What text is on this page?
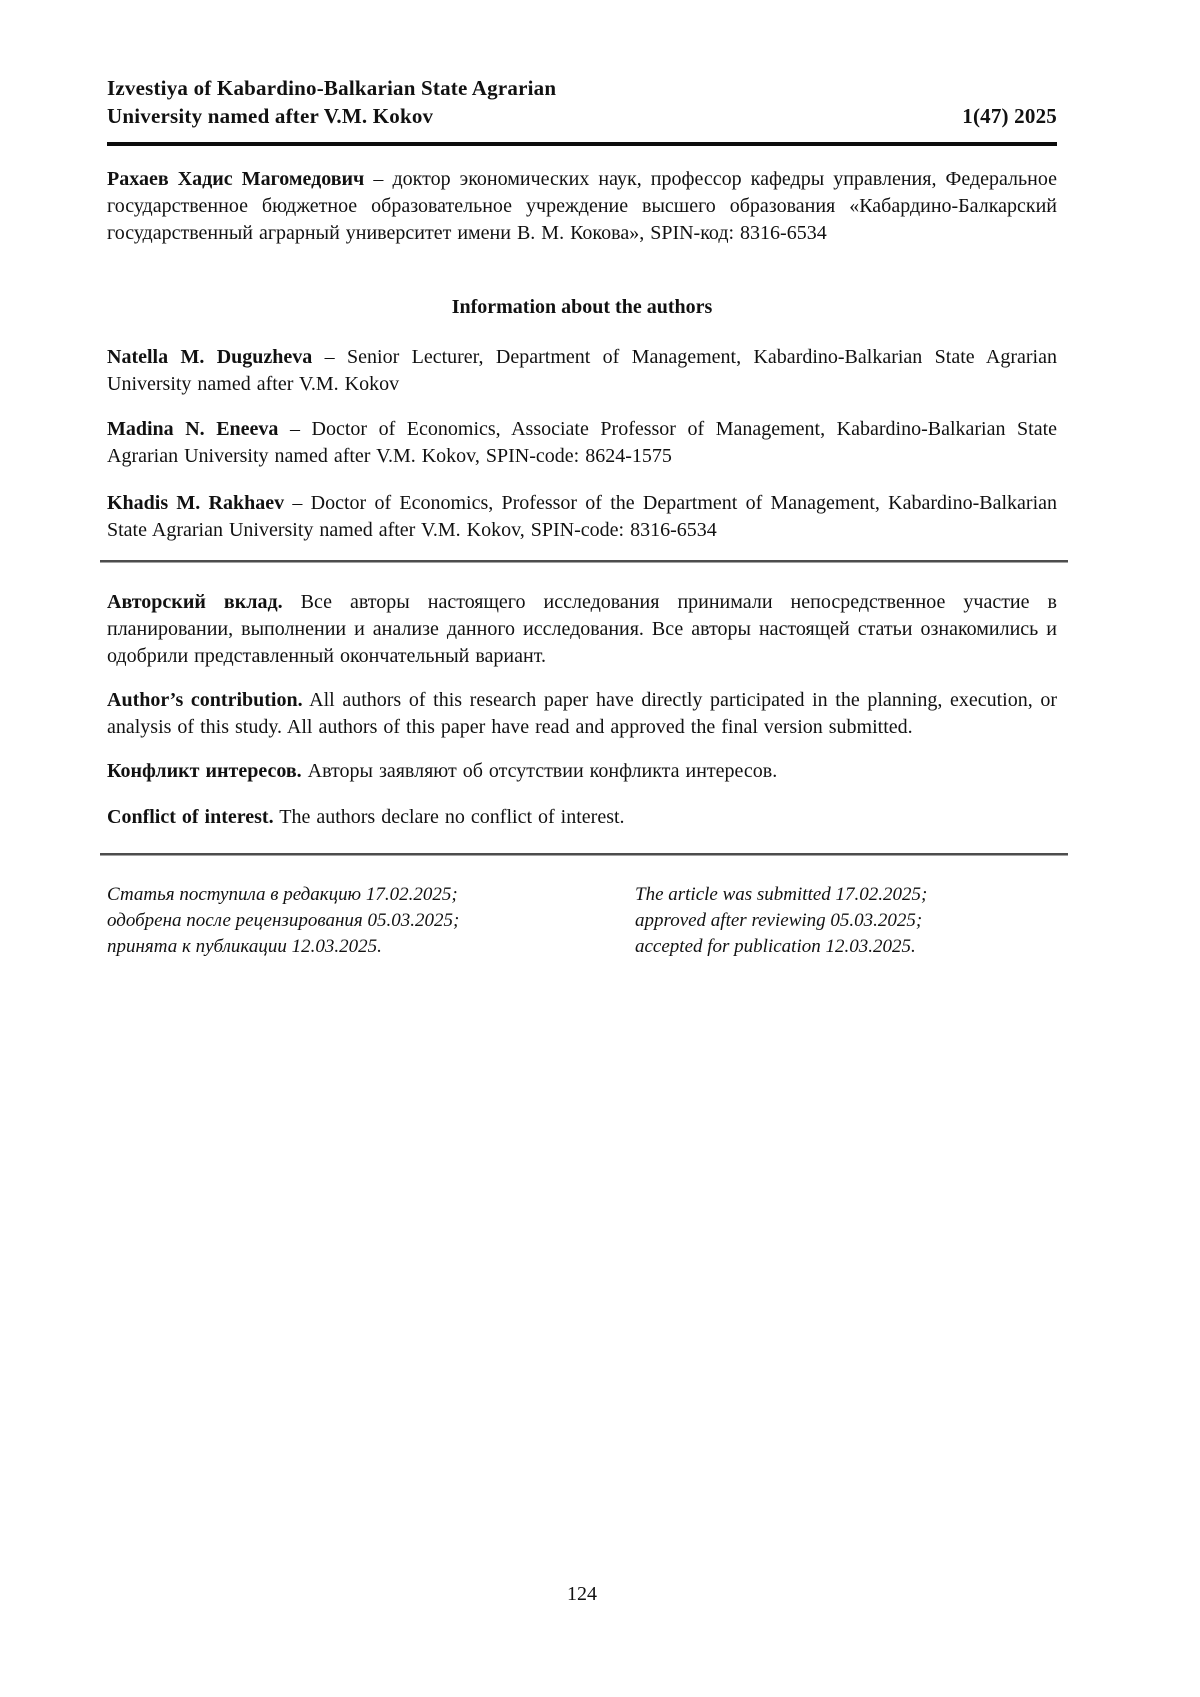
Izvestiya of Kabardino-Balkarian State Agrarian
University named after V.M. Kokov	1(47) 2025

Рахаев Хадис Магомедович – доктор экономических наук, профессор кафедры управления, Федеральное государственное бюджетное образовательное учреждение высшего образования «Кабардино-Балкарский государственный аграрный университет имени В. М. Кокова», SPIN-код: 8316-6534

Information about the authors

Natella M. Duguzheva – Senior Lecturer, Department of Management, Kabardino-Balkarian State Agrarian University named after V.M. Kokov

Madina N. Eneeva – Doctor of Economics, Associate Professor of Management, Kabardino-Balkarian State Agrarian University named after V.M. Kokov, SPIN-code: 8624-1575

Khadis M. Rakhaev – Doctor of Economics, Professor of the Department of Management, Kabardino-Balkarian State Agrarian University named after V.M. Kokov, SPIN-code: 8316-6534

Авторский вклад. Все авторы настоящего исследования принимали непосредственное участие в планировании, выполнении и анализе данного исследования. Все авторы настоящей статьи ознакомились и одобрили представленный окончательный вариант.

Author’s contribution. All authors of this research paper have directly participated in the planning, execution, or analysis of this study. All authors of this paper have read and approved the final version submitted.

Конфликт интересов. Авторы заявляют об отсутствии конфликта интересов.

Conflict of interest. The authors declare no conflict of interest.

Статья поступила в редакцию 17.02.2025;
одобрена после рецензирования 05.03.2025;
принята к публикации 12.03.2025.
The article was submitted 17.02.2025;
approved after reviewing 05.03.2025;
accepted for publication 12.03.2025.
124
